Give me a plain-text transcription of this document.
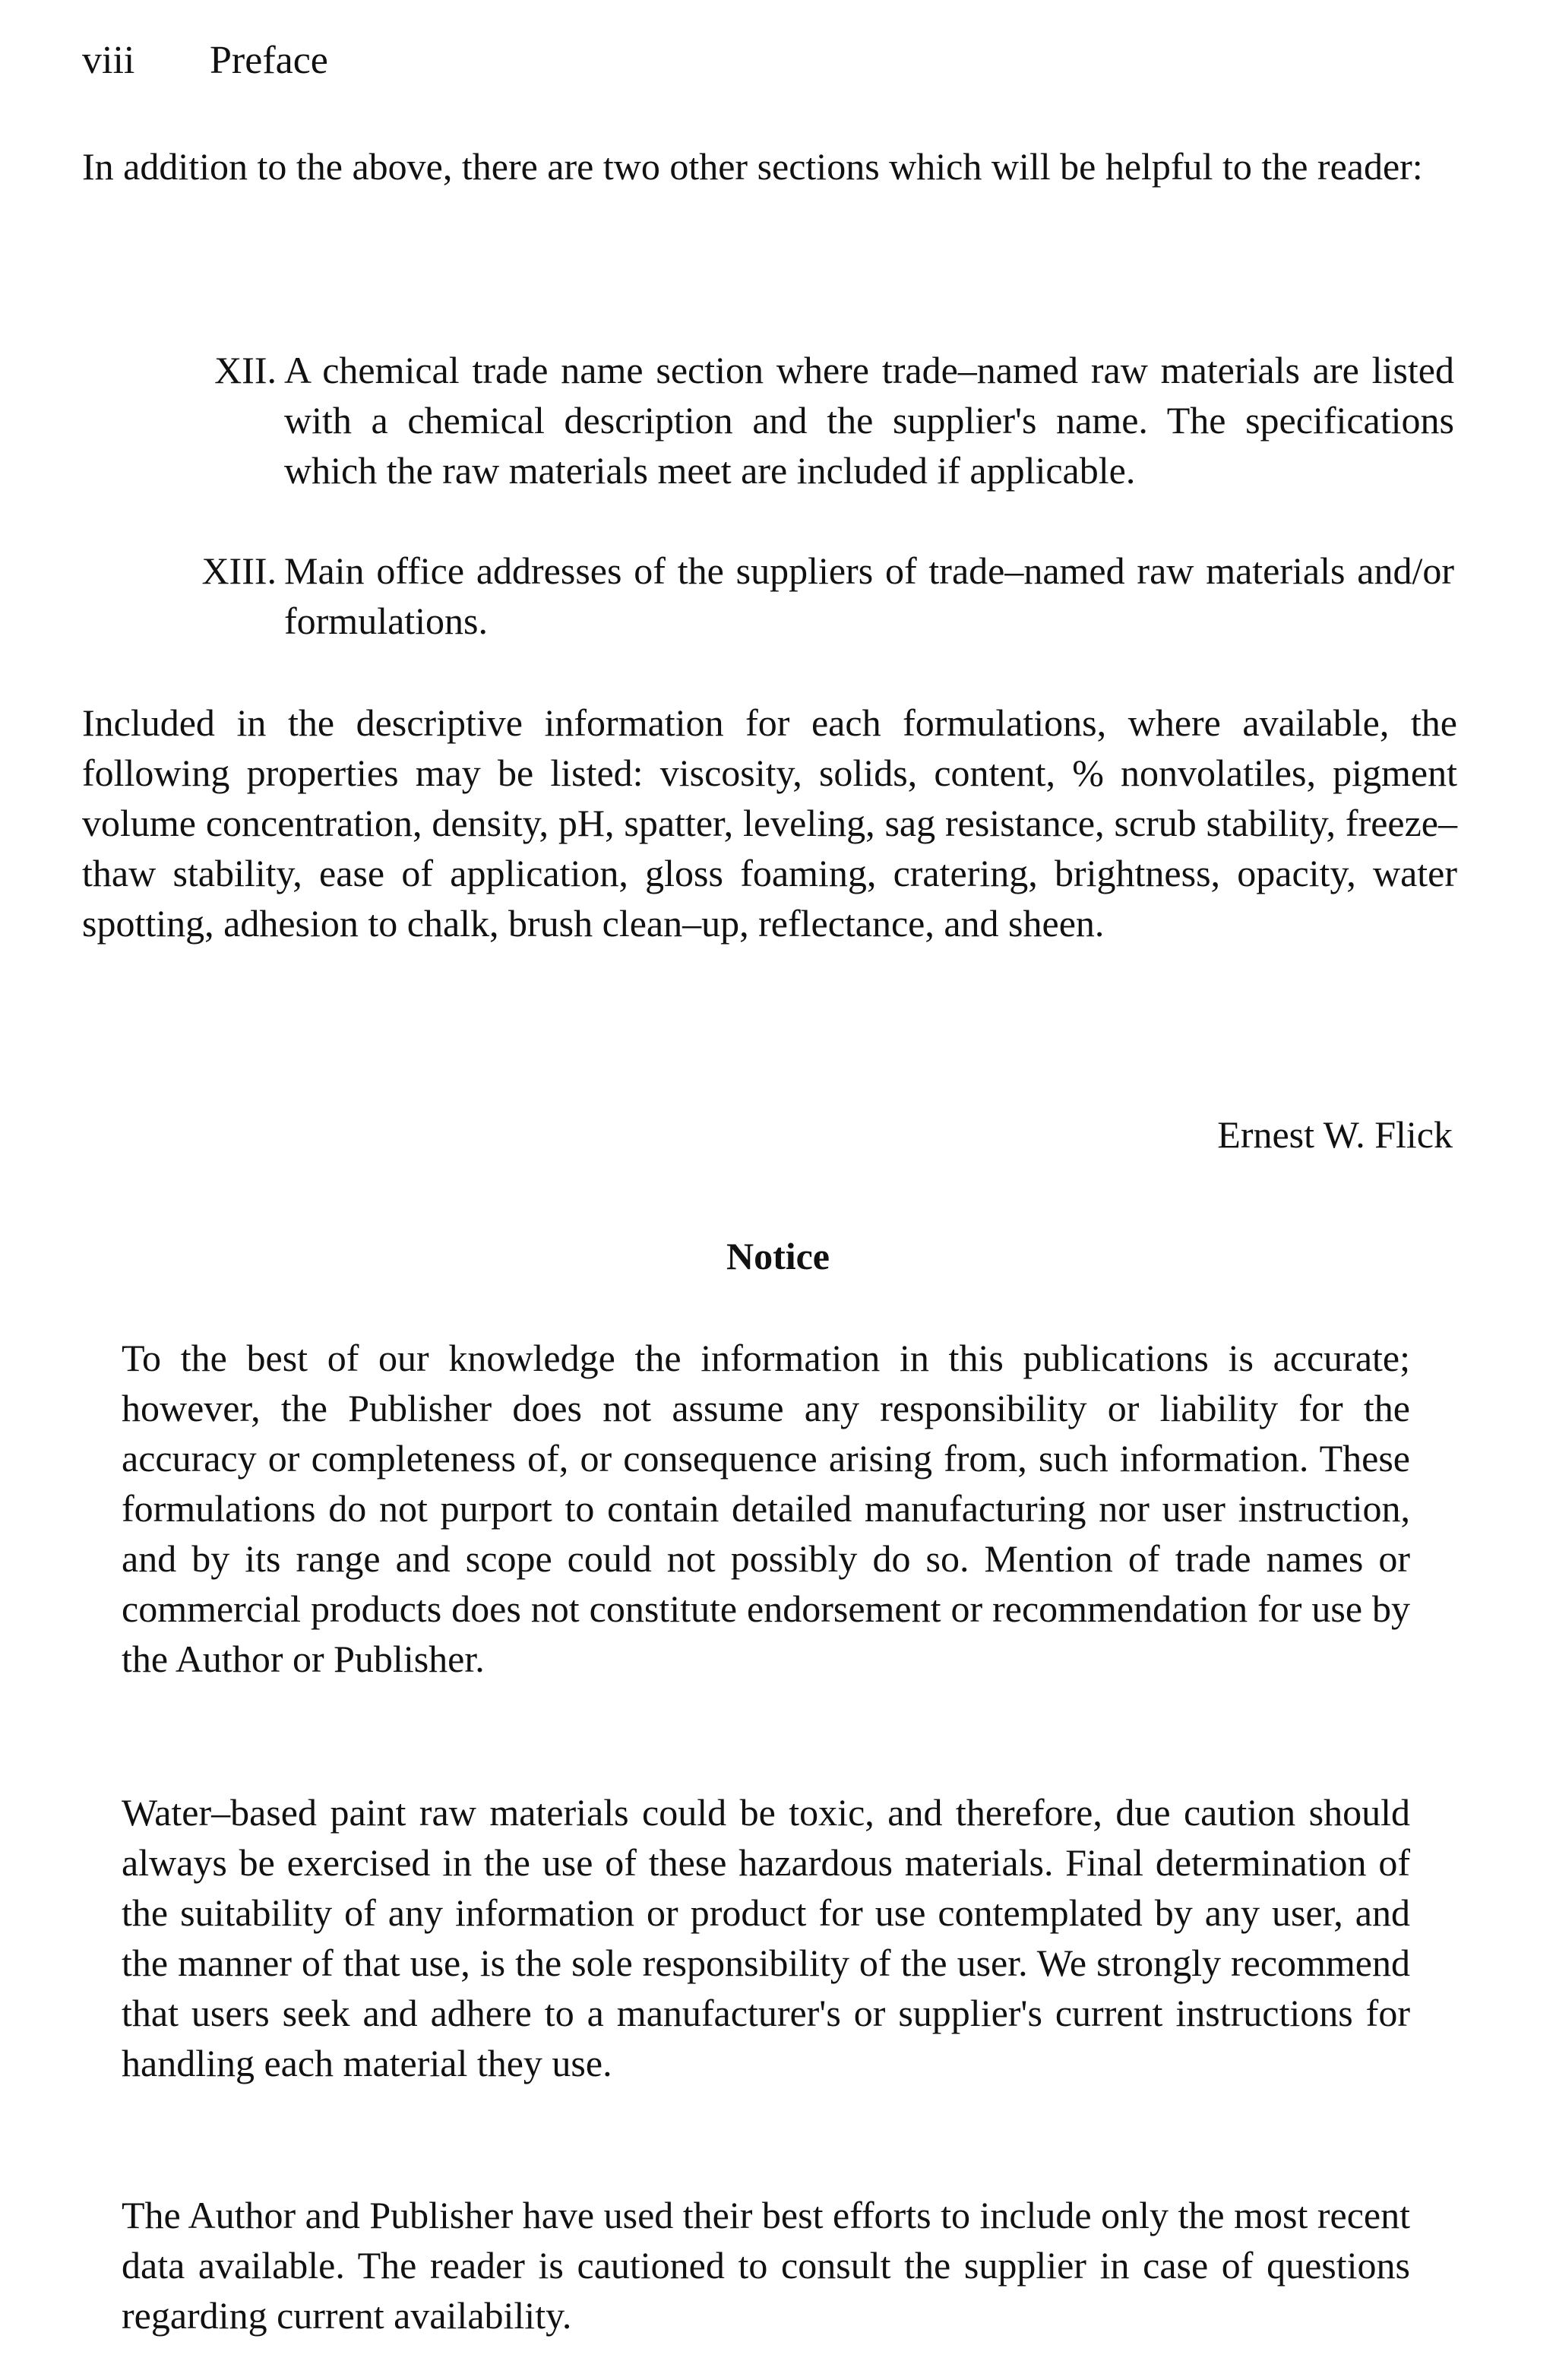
viii Preface

In addition to the above, there are two other sections which will be helpful to the reader:

XII. A chemical trade name section where trade–named raw materials are listed with a chemical description and the supplier's name. The specifications which the raw materials meet are included if applicable.
XIII. Main office addresses of the suppliers of trade–named raw materials and/or formulations.

Included in the descriptive information for each formulations, where available, the following properties may be listed: viscosity, solids, content, % nonvolatiles, pigment volume concentration, density, pH, spatter, leveling, sag resistance, scrub stability, freeze–thaw stability, ease of application, gloss foaming, cratering, brightness, opacity, water spotting, adhesion to chalk, brush clean–up, reflectance, and sheen.

Ernest W. Flick
Notice

To the best of our knowledge the information in this publications is accurate; however, the Publisher does not assume any responsibility or liability for the accuracy or completeness of, or consequence arising from, such information. These formulations do not purport to contain detailed manufacturing nor user instruction, and by its range and scope could not possibly do so. Mention of trade names or commercial products does not constitute endorsement or recommendation for use by the Author or Publisher.

Water–based paint raw materials could be toxic, and therefore, due caution should always be exercised in the use of these hazardous materials. Final determination of the suitability of any information or product for use contemplated by any user, and the manner of that use, is the sole responsibility of the user. We strongly recommend that users seek and adhere to a manufacturer's or supplier's current instructions for handling each material they use.

The Author and Publisher have used their best efforts to include only the most recent data available. The reader is cautioned to consult the supplier in case of questions regarding current availability.
